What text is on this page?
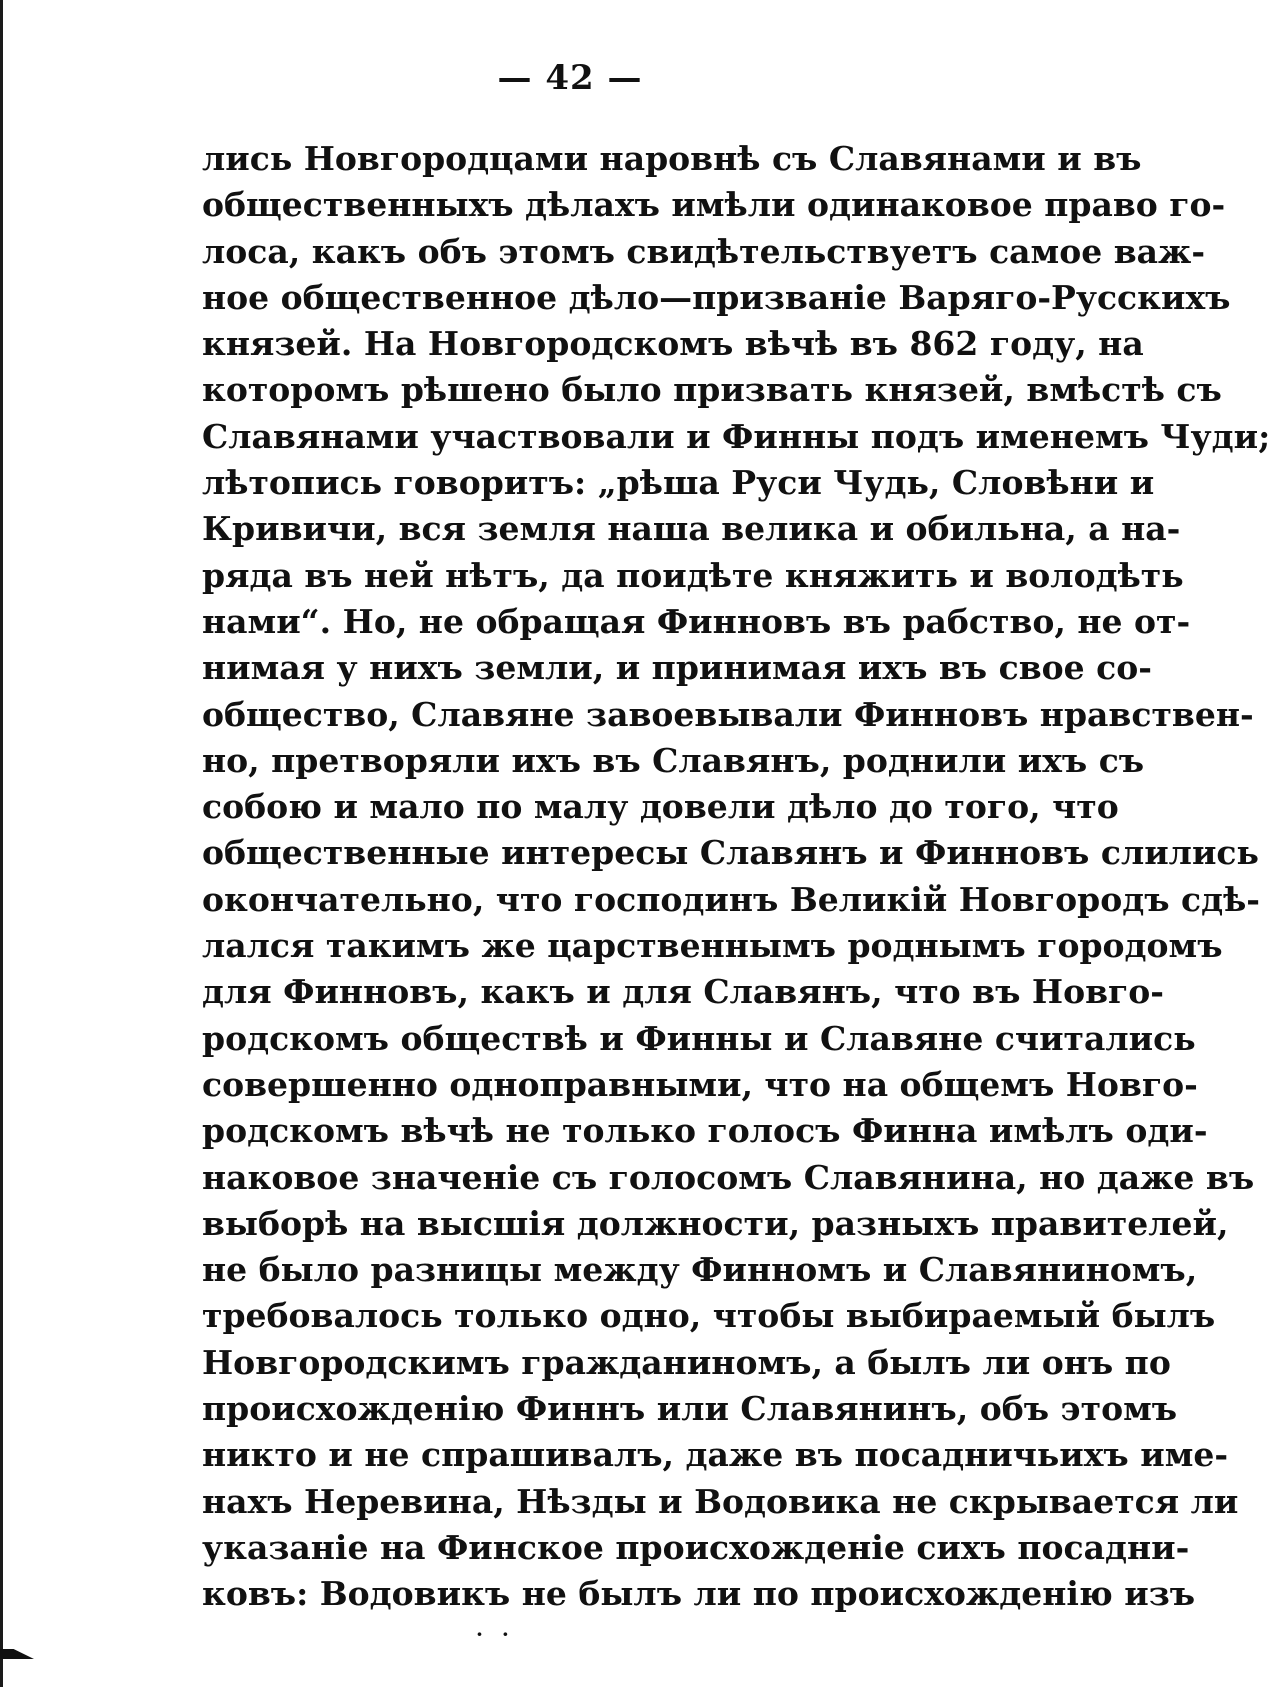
— 42 —
лись Новгородцами наровнѣ съ Славянами и въ
общественныхъ дѣлахъ имѣли одинаковое право го-
лоса, какъ объ этомъ свидѣтельствуетъ самое важ-
ное общественное дѣло—призваніе Варяго-Русскихъ
князей. На Новгородскомъ вѣчѣ въ 862 году, на
которомъ рѣшено было призвать князей, вмѣстѣ съ
Славянами участвовали и Финны подъ именемъ Чуди;
лѣтопись говоритъ: „рѣша Руси Чудь, Словѣни и
Кривичи, вся земля наша велика и обильна, а на-
ряда въ ней нѣтъ, да поидѣте княжить и володѣть
нами“. Но, не обращая Финновъ въ рабство, не от-
нимая у нихъ земли, и принимая ихъ въ свое со-
общество, Славяне завоевывали Финновъ нравствен-
но, претворяли ихъ въ Славянъ, роднили ихъ съ
собою и мало по малу довели дѣло до того, что
общественные интересы Славянъ и Финновъ слились
окончательно, что господинъ Великій Новгородъ сдѣ-
лался такимъ же царственнымъ роднымъ городомъ
для Финновъ, какъ и для Славянъ, что въ Новго-
родскомъ обществѣ и Финны и Славяне считались
совершенно одноправными, что на общемъ Новго-
родскомъ вѣчѣ не только голосъ Финна имѣлъ оди-
наковое значеніе съ голосомъ Славянина, но даже въ
выборѣ на высшія должности, разныхъ правителей,
не было разницы между Финномъ и Славяниномъ,
требовалось только одно, чтобы выбираемый былъ
Новгородскимъ гражданиномъ, а былъ ли онъ по
происхожденію Финнъ или Славянинъ, объ этомъ
никто и не спрашивалъ, даже въ посадничьихъ име-
нахъ Неревина, Нѣзды и Водовика не скрывается ли
указаніе на Финское происхожденіе сихъ посадни-
ковъ: Водовикъ не былъ ли по происхожденію изъ
· ·
